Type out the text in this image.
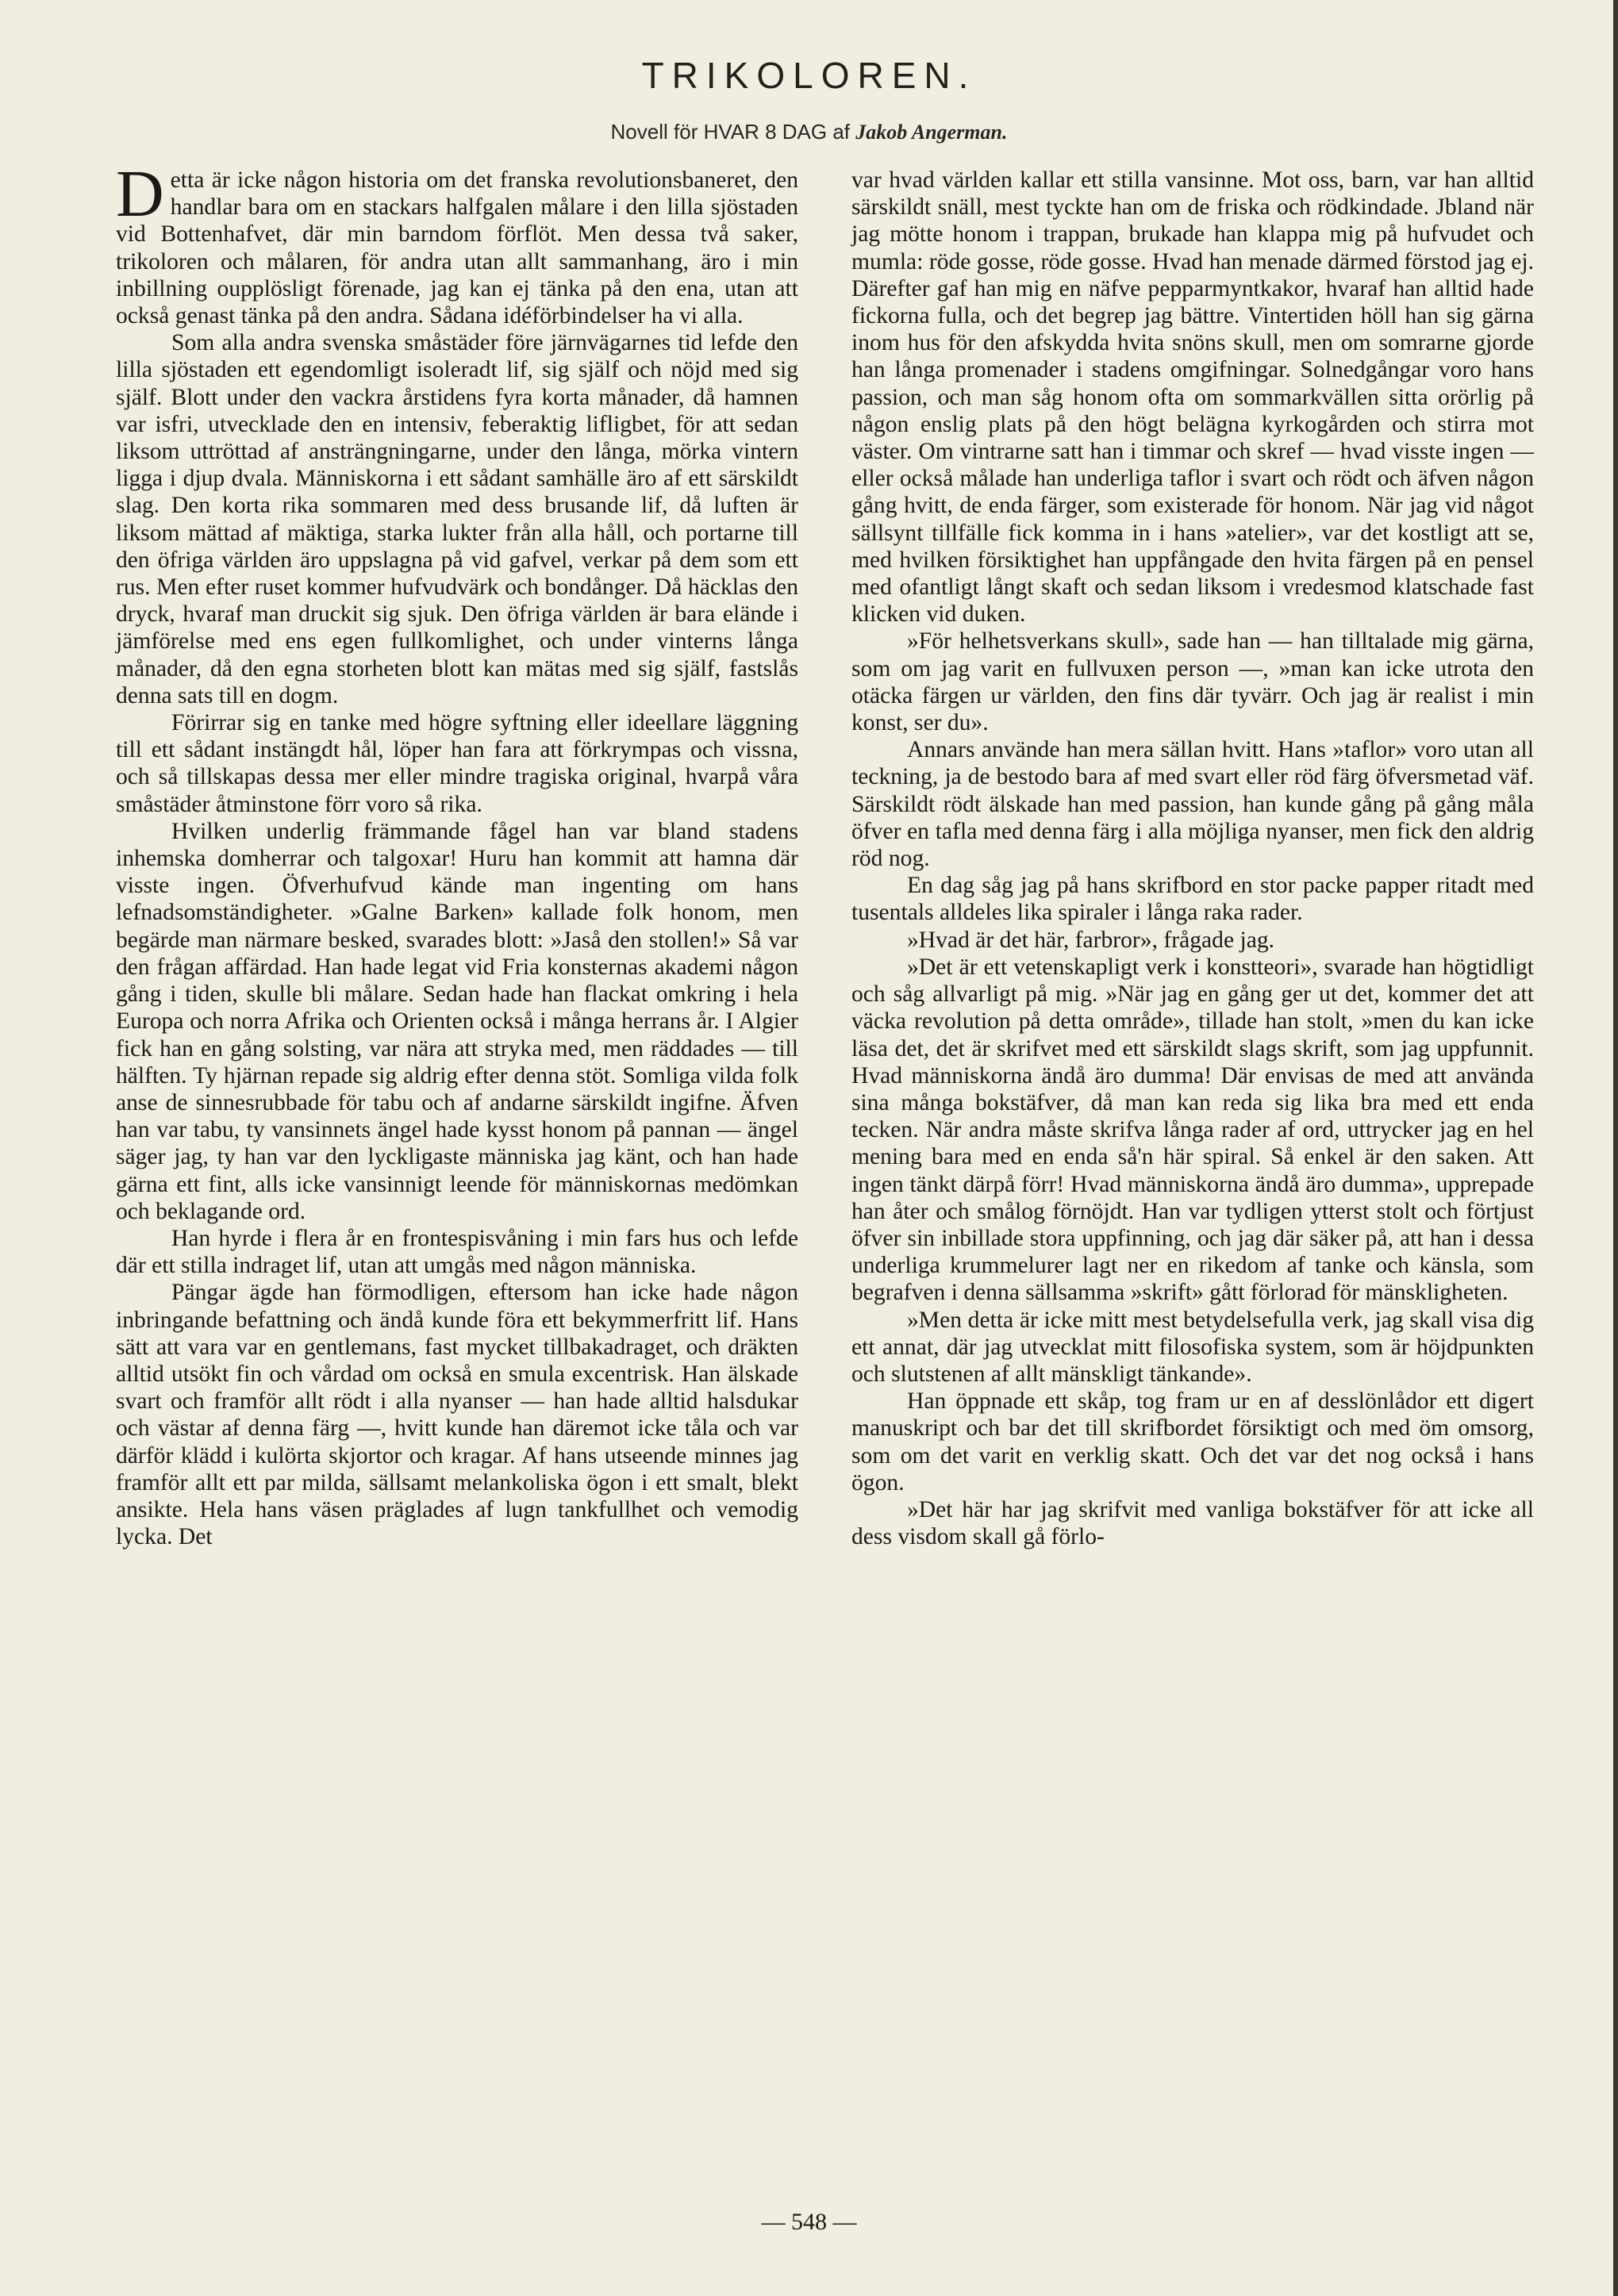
TRIKOLOREN.
Novell för HVAR 8 DAG af Jakob Angerman.

Detta är icke någon historia om det franska revolutionsbaneret, den handlar bara om en stackars halfgalen målare i den lilla sjöstaden vid Bottenhafvet, där min barndom förflöt. Men dessa två saker, trikoloren och målaren, för andra utan allt sammanhang, äro i min inbillning oupplösligt förenade, jag kan ej tänka på den ena, utan att också genast tänka på den andra. Sådana idéförbindelser ha vi alla.

Som alla andra svenska småstäder före järnvägarnes tid lefde den lilla sjöstaden ett egendomligt isoleradt lif, sig själf och nöjd med sig själf. Blott under den vackra årstidens fyra korta månader, då hamnen var isfri, utvecklade den en intensiv, feberaktig lifligbet, för att sedan liksom uttröttad af ansträngningarne, under den långa, mörka vintern ligga i djup dvala. Människorna i ett sådant samhälle äro af ett särskildt slag. Den korta rika sommaren med dess brusande lif, då luften är liksom mättad af mäktiga, starka lukter från alla håll, och portarne till den öfriga världen äro uppslagna på vid gafvel, verkar på dem som ett rus. Men efter ruset kommer hufvudvärk och bondånger. Då häcklas den dryck, hvaraf man druckit sig sjuk. Den öfriga världen är bara elände i jämförelse med ens egen fullkomlighet, och under vinterns långa månader, då den egna storheten blott kan mätas med sig själf, fastslås denna sats till en dogm.

Förirrar sig en tanke med högre syftning eller ideellare läggning till ett sådant instängdt hål, löper han fara att förkrympas och vissna, och så tillskapas dessa mer eller mindre tragiska original, hvarpå våra småstäder åtminstone förr voro så rika.

Hvilken underlig främmande fågel han var bland stadens inhemska domherrar och talgoxar! Huru han kommit att hamna där visste ingen. Öfverhufvud kände man ingenting om hans lefnadsomständigheter. »Galne Barken» kallade folk honom, men begärde man närmare besked, svarades blott: »Jaså den stollen!» Så var den frågan affärdad. Han hade legat vid Fria konsternas akademi någon gång i tiden, skulle bli målare. Sedan hade han flackat omkring i hela Europa och norra Afrika och Orienten också i många herrans år. I Algier fick han en gång solsting, var nära att stryka med, men räddades — till hälften. Ty hjärnan repade sig aldrig efter denna stöt. Somliga vilda folk anse de sinnesrubbade för tabu och af andarne särskildt ingifne. Äfven han var tabu, ty vansinnets ängel hade kysst honom på pannan — ängel säger jag, ty han var den lyckligaste människa jag känt, och han hade gärna ett fint, alls icke vansinnigt leende för människornas medömkan och beklagande ord.

Han hyrde i flera år en frontespisvåning i min fars hus och lefde där ett stilla indraget lif, utan att umgås med någon människa.

Pängar ägde han förmodligen, eftersom han icke hade någon inbringande befattning och ändå kunde föra ett bekymmerfritt lif. Hans sätt att vara var en gentlemans, fast mycket tillbakadraget, och dräkten alltid utsökt fin och vårdad om också en smula excentrisk. Han älskade svart och framför allt rödt i alla nyanser — han hade alltid halsdukar och västar af denna färg —, hvitt kunde han däremot icke tåla och var därför klädd i kulörta skjortor och kragar. Af hans utseende minnes jag framför allt ett par milda, sällsamt melankoliska ögon i ett smalt, blekt ansikte. Hela hans väsen präglades af lugn tankfullhet och vemodig lycka. Det

var hvad världen kallar ett stilla vansinne. Mot oss, barn, var han alltid särskildt snäll, mest tyckte han om de friska och rödkindade. Jbland när jag mötte honom i trappan, brukade han klappa mig på hufvudet och mumla: röde gosse, röde gosse. Hvad han menade därmed förstod jag ej. Därefter gaf han mig en näfve pepparmyntkakor, hvaraf han alltid hade fickorna fulla, och det begrep jag bättre. Vintertiden höll han sig gärna inom hus för den afskydda hvita snöns skull, men om somrarne gjorde han långa promenader i stadens omgifningar. Solnedgångar voro hans passion, och man såg honom ofta om sommarkvällen sitta orörlig på någon enslig plats på den högt belägna kyrkogården och stirra mot väster. Om vintrarne satt han i timmar och skref — hvad visste ingen — eller också målade han underliga taflor i svart och rödt och äfven någon gång hvitt, de enda färger, som existerade för honom. När jag vid något sällsynt tillfälle fick komma in i hans »atelier», var det kostligt att se, med hvilken försiktighet han uppfångade den hvita färgen på en pensel med ofantligt långt skaft och sedan liksom i vredesmod klatschade fast klicken vid duken.

»För helhetsverkans skull», sade han — han tilltalade mig gärna, som om jag varit en fullvuxen person —, »man kan icke utrota den otäcka färgen ur världen, den fins där tyvärr. Och jag är realist i min konst, ser du».

Annars använde han mera sällan hvitt. Hans »taflor» voro utan all teckning, ja de bestodo bara af med svart eller röd färg öfversmetad väf. Särskildt rödt älskade han med passion, han kunde gång på gång måla öfver en tafla med denna färg i alla möjliga nyanser, men fick den aldrig röd nog.

En dag såg jag på hans skrifbord en stor packe papper ritadt med tusentals alldeles lika spiraler i långa raka rader.

»Hvad är det här, farbror», frågade jag.

»Det är ett vetenskapligt verk i konstteori», svarade han högtidligt och såg allvarligt på mig. »När jag en gång ger ut det, kommer det att väcka revolution på detta område», tillade han stolt, »men du kan icke läsa det, det är skrifvet med ett särskildt slags skrift, som jag uppfunnit. Hvad människorna ändå äro dumma! Där envisas de med att använda sina många bokstäfver, då man kan reda sig lika bra med ett enda tecken. När andra måste skrifva långa rader af ord, uttrycker jag en hel mening bara med en enda så'n här spiral. Så enkel är den saken. Att ingen tänkt därpå förr! Hvad människorna ändå äro dumma», upprepade han åter och smålog förnöjdt. Han var tydligen ytterst stolt och förtjust öfver sin inbillade stora uppfinning, och jag där säker på, att han i dessa underliga krummelurer lagt ner en rikedom af tanke och känsla, som begrafven i denna sällsamma »skrift» gått förlorad för mänskligheten.

»Men detta är icke mitt mest betydelsefulla verk, jag skall visa dig ett annat, där jag utvecklat mitt filosofiska system, som är höjdpunkten och slutstenen af allt mänskligt tänkande».

Han öppnade ett skåp, tog fram ur en af desslönlådor ett digert manuskript och bar det till skrifbordet försiktigt och med öm omsorg, som om det varit en verklig skatt. Och det var det nog också i hans ögon.

»Det här har jag skrifvit med vanliga bokstäfver för att icke all dess visdom skall gå förlo-

— 548 —
